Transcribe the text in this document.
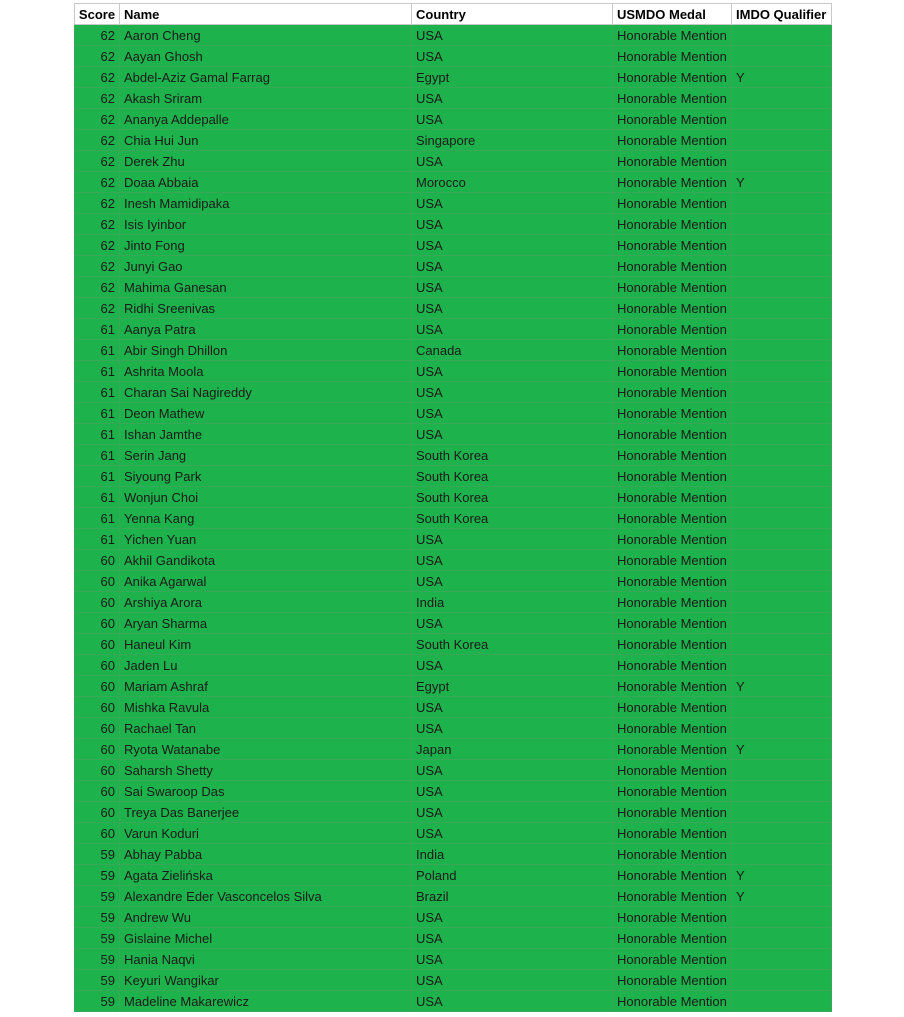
Score	Name	Country	USMDO Medal	IMDO Qualifier
62	Aaron Cheng	USA	Honorable Mention	
62	Aayan Ghosh	USA	Honorable Mention	
62	Abdel-Aziz Gamal Farrag	Egypt	Honorable Mention	Y
62	Akash Sriram	USA	Honorable Mention	
62	Ananya Addepalle	USA	Honorable Mention	
62	Chia Hui Jun	Singapore	Honorable Mention	
62	Derek Zhu	USA	Honorable Mention	
62	Doaa Abbaia	Morocco	Honorable Mention	Y
62	Inesh Mamidipaka	USA	Honorable Mention	
62	Isis Iyinbor	USA	Honorable Mention	
62	Jinto Fong	USA	Honorable Mention	
62	Junyi Gao	USA	Honorable Mention	
62	Mahima Ganesan	USA	Honorable Mention	
62	Ridhi Sreenivas	USA	Honorable Mention	
61	Aanya Patra	USA	Honorable Mention	
61	Abir Singh Dhillon	Canada	Honorable Mention	
61	Ashrita Moola	USA	Honorable Mention	
61	Charan Sai Nagireddy	USA	Honorable Mention	
61	Deon Mathew	USA	Honorable Mention	
61	Ishan Jamthe	USA	Honorable Mention	
61	Serin Jang	South Korea	Honorable Mention	
61	Siyoung Park	South Korea	Honorable Mention	
61	Wonjun Choi	South Korea	Honorable Mention	
61	Yenna Kang	South Korea	Honorable Mention	
61	Yichen Yuan	USA	Honorable Mention	
60	Akhil Gandikota	USA	Honorable Mention	
60	Anika Agarwal	USA	Honorable Mention	
60	Arshiya Arora	India	Honorable Mention	
60	Aryan Sharma	USA	Honorable Mention	
60	Haneul Kim	South Korea	Honorable Mention	
60	Jaden Lu	USA	Honorable Mention	
60	Mariam Ashraf	Egypt	Honorable Mention	Y
60	Mishka Ravula	USA	Honorable Mention	
60	Rachael Tan	USA	Honorable Mention	
60	Ryota Watanabe	Japan	Honorable Mention	Y
60	Saharsh Shetty	USA	Honorable Mention	
60	Sai Swaroop Das	USA	Honorable Mention	
60	Treya Das Banerjee	USA	Honorable Mention	
60	Varun Koduri	USA	Honorable Mention	
59	Abhay Pabba	India	Honorable Mention	
59	Agata Zielińska	Poland	Honorable Mention	Y
59	Alexandre Eder Vasconcelos Silva	Brazil	Honorable Mention	Y
59	Andrew Wu	USA	Honorable Mention	
59	Gislaine Michel	USA	Honorable Mention	
59	Hania Naqvi	USA	Honorable Mention	
59	Keyuri Wangikar	USA	Honorable Mention	
59	Madeline Makarewicz	USA	Honorable Mention	
